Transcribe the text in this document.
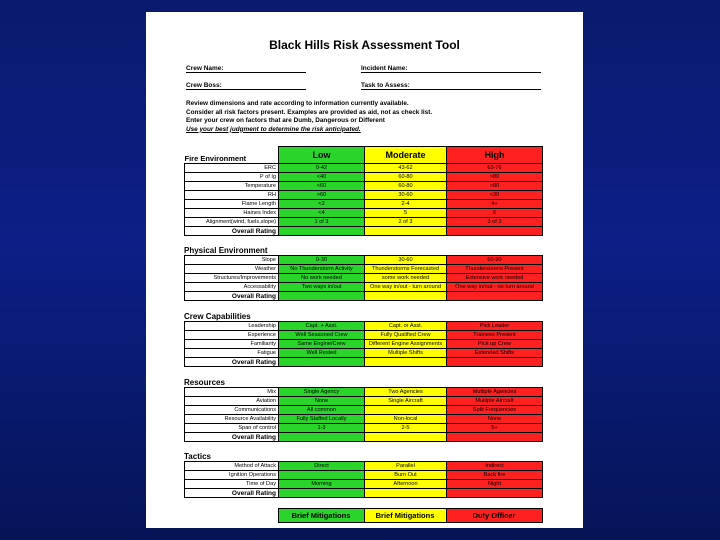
Black Hills Risk Assessment Tool
Crew Name:	Incident Name:
Crew Boss:	Task to Assess:
Review dimensions and rate according to information currently available.
Consider all risk factors present. Examples are provided as aid, not as check list.
Enter your crew on factors that are Dumb, Dangerous or Different
Use your best judgment to determine the risk anticipated.
Fire Environment	Low	Moderate	High
ERC	0-42	43-62	63-76
P of Ig	<40	60-80	>80
Temperature	<60	60-80	>80
RH	>60	30-60	<30
Flame Length	<2	2-4	4+
Haines Index	<4	5	6
Alignment(wind, fuels,slope)	1 of 3	2 of 3	3 of 3
Overall Rating			
Physical Environment
Slope	0-30	30-60	60-90
Weather	No Thunderstorm Activity	Thunderstorms Forecasted	Thunderstorms Present
Structures/Improvements	No work needed	some work needed	Extensive work needed
Accessability	Two ways in/out	One way in/out - turn around	One way in/out - no turn around
Overall Rating			
Crew Capabilities
Leadership	Capt. + Asst.	Capt. or Asst.	Pick Leader
Experience	Well Seasoned Crew	Fully Qualified Crew	Trainees Present
Familiarity	Same Engine/Crew	Different Engine Assignments	Pick up Crew
Fatigue	Well Rested	Multiple Shifts	Extended Shifts
Overall Rating			
Resources
Mix	Single Agency	Two Agencies	Multiple Agencies
Aviation	None	Single Aircraft	Multiple Aircraft
Communications	All common		Split Frequencies
Resource Availability	Fully Staffed Locally	Non-local	None
Span of control	1-3	2-5	5+
Overall Rating			
Tactics
Method of Attack	Direct	Parallel	Indirect
Ignition Operations		Burn Out	Back fire
Time of Day	Morning	Afternoon	Night
Overall Rating			
	Brief Mitigations	Brief Mitigations	Duty Officer
